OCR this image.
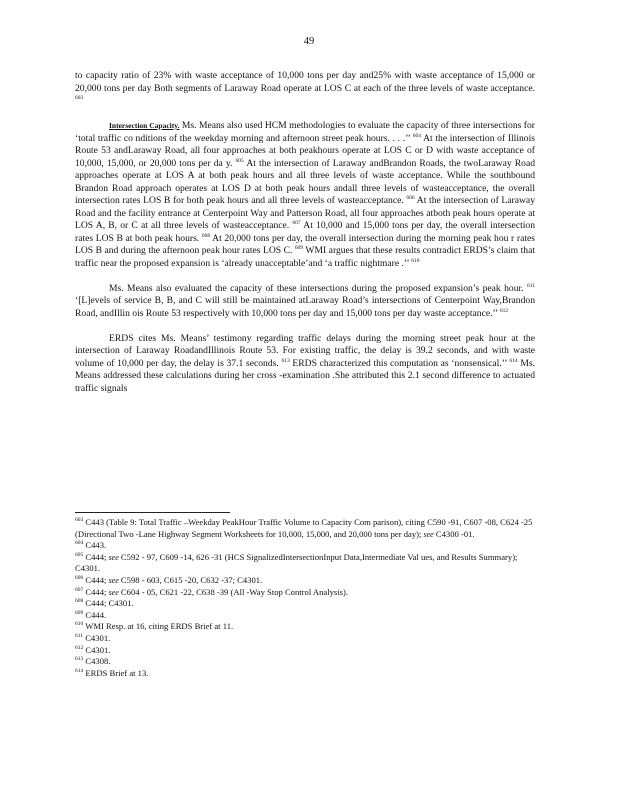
49

to capacity ratio of 23% with waste acceptance of 10,000 tons per day and25% with waste acceptance of 15,000 or 20,000 tons per day Both segments of Laraway Road operate at LOS C at each of the three levels of waste acceptance. $^{603}$

Intersection Capacity. Ms. Means also used HCM methodologies to evaluate the capacity of three intersections for ‘total traffic co nditions of the weekday morning and afternoon street peak hours. . . .’’ $^{604}$ At the intersection of Illinois Route 53 andLaraway Road, all four approaches at both peakhours operate at LOS C or D with waste acceptance of 10,000, 15,000, or 20,000 tons per da y. $^{605}$ At the intersection of Laraway andBrandon Roads, the twoLaraway Road approaches operate at LOS A at both peak hours and all three levels of waste acceptance. While the southbound Brandon Road approach operates at LOS D at both peak hours andall three levels of wasteacceptance, the overall intersection rates LOS B for both peak hours and all three levels of wasteacceptance. $^{606}$ At the intersection of Laraway Road and the facility entrance at Centerpoint Way and Patterson Road, all four approaches atboth peak hours operate at LOS A, B, or C at all three levels of wasteacceptance. $^{607}$ At 10,000 and 15,000 tons per day, the overall intersection rates LOS B at both peak hours. $^{608}$ At 20,000 tons per day, the overall intersection during the morning peak hou r rates LOS B and during the afternoon peak hour rates LOS C. $^{609}$ WMI argues that these results contradict ERDS’s claim that traffic near the proposed expansion is ‘already unacceptable’and ‘a traffic nightmare .’’ $^{610}$

Ms. Means also evaluated the capacity of these intersections during the proposed expansion’s peak hour. $^{611}$ ‘[L]evels of service B, B, and C will still be maintained atLaraway Road’s intersections of Centerpoint Way,Brandon Road, andIllin ois Route 53 respectively with 10,000 tons per day and 15,000 tons per day waste acceptance.’’ $^{612}$

ERDS cites Ms. Means’ testimony regarding traffic delays during the morning street peak hour at the intersection of Laraway RoadandIllinois Route 53. For existing traffic, the delay is 39.2 seconds, and with waste volume of 10,000 per day, the delay is 37.1 seconds. $^{613}$ ERDS characterized this computation as ‘nonsensical.’’ $^{614}$ Ms. Means addressed these calculations during her cross -examination .She attributed this 2.1 second difference to actuated traffic signals

$^{603}$ C443 (Table 9: Total Traffic –Weekday PeakHour Traffic Volume to Capacity Com parison), citing C590 -91, C607 -08, C624 -25 (Directional Two -Lane Highway Segment Worksheets for 10,000, 15,000, and 20,000 tons per day); see C4300 -01.
$^{604}$ C443.
$^{605}$ C444; see C592 - 97, C609 -14, 626 -31 (HCS SignalizedIntersectionInput Data,Intermediate Val ues, and Results Summary); C4301.
$^{606}$ C444; see C598 - 603, C615 -20, C632 -37; C4301.
$^{607}$ C444; see C604 - 05, C621 -22, C638 -39 (All -Way Stop Control Analysis).
$^{608}$ C444; C4301.
$^{609}$ C444.
$^{610}$ WMI Resp. at 16, citing ERDS Brief at 11.
$^{611}$ C4301.
$^{612}$ C4301.
$^{613}$ C4308.
$^{614}$ ERDS Brief at 13.
